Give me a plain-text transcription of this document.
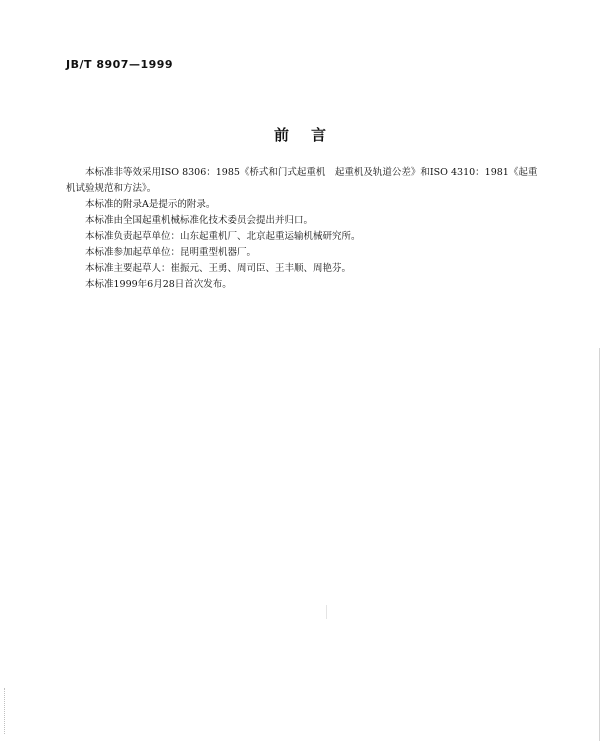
JB/T 8907—1999
前言

本标准非等效采用ISO 8306：1985《桥式和门式起重机　起重机及轨道公差》和ISO 4310：1981《起重机试验规范和方法》。

本标准的附录A是提示的附录。

本标准由全国起重机械标准化技术委员会提出并归口。

本标准负责起草单位：山东起重机厂、北京起重运输机械研究所。

本标准参加起草单位：昆明重型机器厂。

本标准主要起草人：崔振元、王勇、周司臣、王丰顺、周艳芬。

本标准1999年6月28日首次发布。
